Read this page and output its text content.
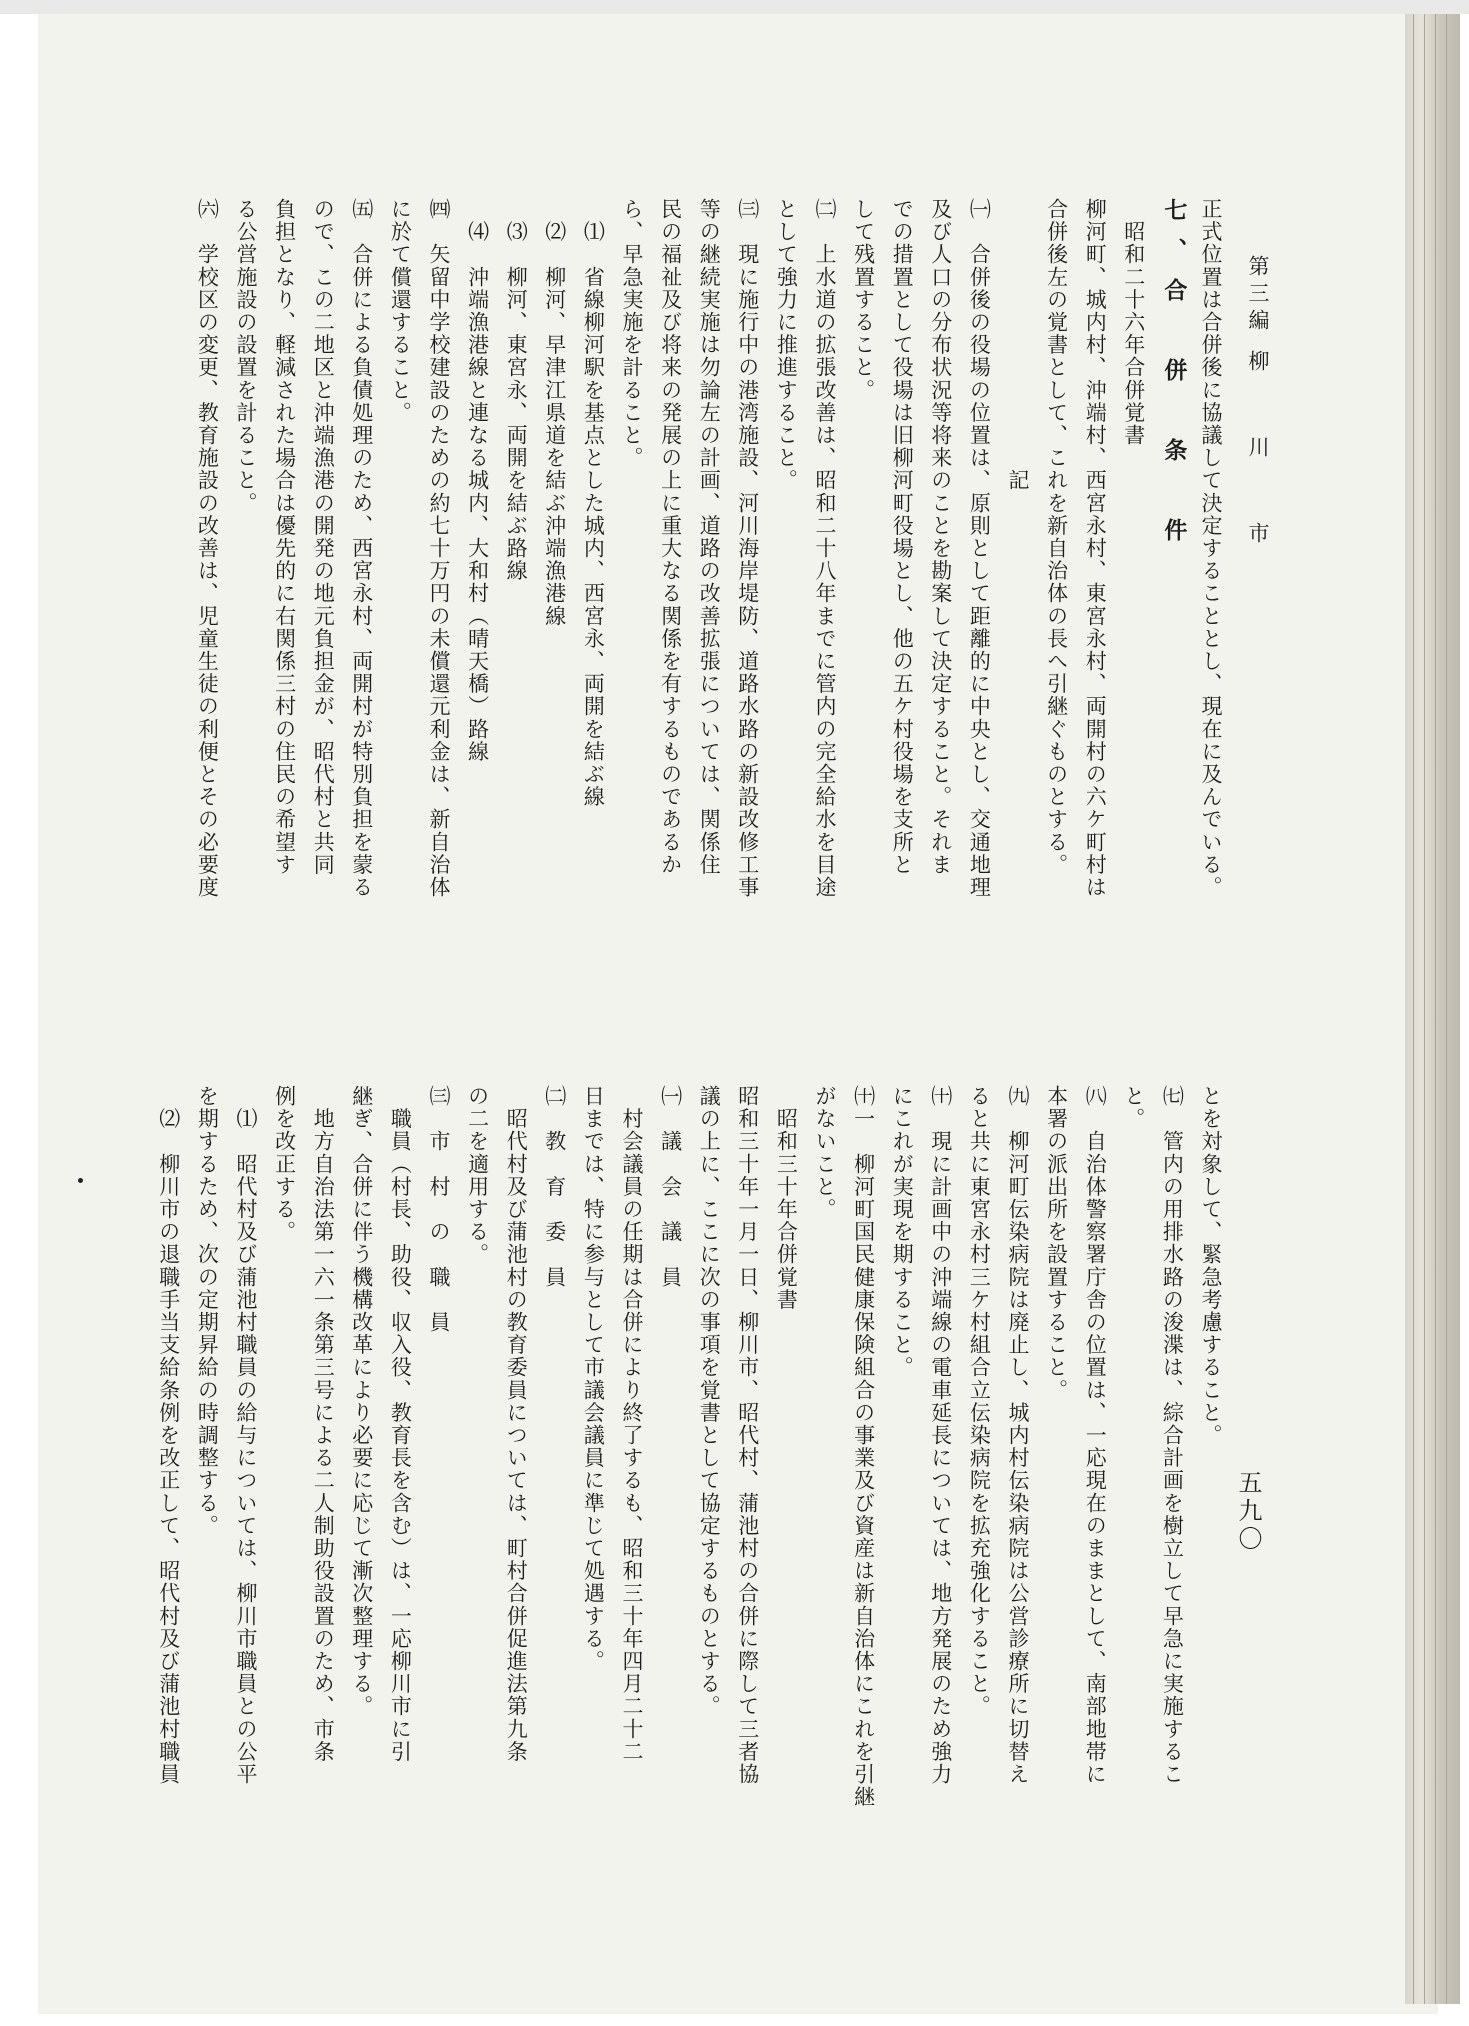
第三編柳　川　市
五九〇
正式位置は合併後に協議して決定することとし、現在に及んでいる。
七、合　併　条　件
　昭和二十六年合併覚書
柳河町、城内村、沖端村、西宮永村、東宮永村、両開村の六ケ町村は
合併後左の覚書として、これを新自治体の長へ引継ぐものとする。
　　　　　　　　　　　　記
㈠　合併後の役場の位置は、原則として距離的に中央とし、交通地理
及び人口の分布状況等将来のことを勘案して決定すること。それま
での措置として役場は旧柳河町役場とし、他の五ケ村役場を支所と
して残置すること。
㈡　上水道の拡張改善は、昭和二十八年までに管内の完全給水を目途
として強力に推進すること。
㈢　現に施行中の港湾施設、河川海岸堤防、道路水路の新設改修工事
等の継続実施は勿論左の計画、道路の改善拡張については、関係住
民の福祉及び将来の発展の上に重大なる関係を有するものであるか
ら、早急実施を計ること。
　⑴　省線柳河駅を基点とした城内、西宮永、両開を結ぶ線
　⑵　柳河、早津江県道を結ぶ沖端漁港線
　⑶　柳河、東宮永、両開を結ぶ路線
　⑷　沖端漁港線と連なる城内、大和村（晴天橋）路線
㈣　矢留中学校建設のための約七十万円の未償還元利金は、新自治体
に於て償還すること。
㈤　合併による負債処理のため、西宮永村、両開村が特別負担を蒙る
ので、この二地区と沖端漁港の開発の地元負担金が、昭代村と共同
負担となり、軽減された場合は優先的に右関係三村の住民の希望す
る公営施設の設置を計ること。
㈥　学校区の変更、教育施設の改善は、児童生徒の利便とその必要度
とを対象して、緊急考慮すること。
㈦　管内の用排水路の浚渫は、綜合計画を樹立して早急に実施するこ
と。
㈧　自治体警察署庁舎の位置は、一応現在のままとして、南部地帯に
本署の派出所を設置すること。
㈨　柳河町伝染病院は廃止し、城内村伝染病院は公営診療所に切替え
ると共に東宮永村三ケ村組合立伝染病院を拡充強化すること。
㈩　現に計画中の沖端線の電車延長については、地方発展のため強力
にこれが実現を期すること。
㈩一　柳河町国民健康保険組合の事業及び資産は新自治体にこれを引継
がないこと。
　昭和三十年合併覚書
昭和三十年一月一日、柳川市、昭代村、蒲池村の合併に際して三者協
議の上に、ここに次の事項を覚書として協定するものとする。
㈠　議　会　議　員
　村会議員の任期は合併により終了するも、昭和三十年四月二十二
日までは、特に参与として市議会議員に準じて処遇する。
㈡　教　育　委　員
　昭代村及び蒲池村の教育委員については、町村合併促進法第九条
の二を適用する。
㈢　市　村　の　職　員
　職員（村長、助役、収入役、教育長を含む）は、一応柳川市に引
継ぎ、合併に伴う機構改革により必要に応じて漸次整理する。
　地方自治法第一六一条第三号による二人制助役設置のため、市条
例を改正する。
　⑴　昭代村及び蒲池村職員の給与については、柳川市職員との公平
を期するため、次の定期昇給の時調整する。
　⑵　柳川市の退職手当支給条例を改正して、昭代村及び蒲池村職員
